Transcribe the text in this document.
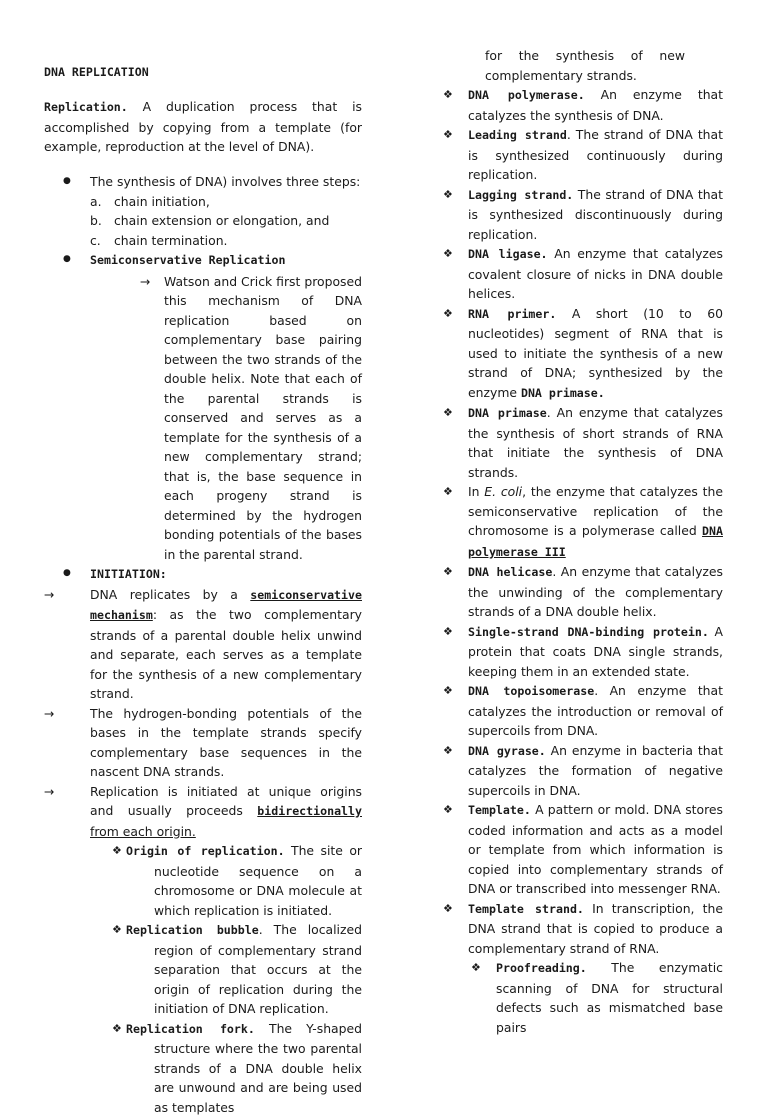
DNA REPLICATION

Replication. A duplication process that is accomplished by copying from a template (for example, reproduction at the level of DNA).

● The synthesis of DNA) involves three steps:
a. chain initiation,
b. chain extension or elongation, and
c. chain termination.
● Semiconservative Replication
→ Watson and Crick first proposed this mechanism of DNA replication based on complementary base pairing between the two strands of the double helix. Note that each of the parental strands is conserved and serves as a template for the synthesis of a new complementary strand; that is, the base sequence in each progeny strand is determined by the hydrogen bonding potentials of the bases in the parental strand.
● INITIATION:
→	DNA replicates by a semiconservative mechanism: as the two complementary strands of a parental double helix unwind and separate, each serves as a template for the synthesis of a new complementary strand.
→	The hydrogen-bonding potentials of the bases in the template strands specify complementary base sequences in the nascent DNA strands.
→	Replication is initiated at unique origins and usually proceeds bidirectionally from each origin.
❖ Origin of replication. The site or nucleotide sequence on a chromosome or DNA molecule at which replication is initiated.
❖ Replication bubble. The localized region of complementary strand separation that occurs at the origin of replication during the initiation of DNA replication.
❖ Replication fork. The Y-shaped structure where the two parental strands of a DNA double helix are unwound and are being used as templates
for the synthesis of new complementary strands.
❖ DNA polymerase. An enzyme that catalyzes the synthesis of DNA.
❖ Leading strand. The strand of DNA that is synthesized continuously during replication.
❖ Lagging strand. The strand of DNA that is synthesized discontinuously during replication.
❖ DNA ligase. An enzyme that catalyzes covalent closure of nicks in DNA double helices.
❖ RNA primer. A short (10 to 60 nucleotides) segment of RNA that is used to initiate the synthesis of a new strand of DNA; synthesized by the enzyme DNA primase.
❖ DNA primase. An enzyme that catalyzes the synthesis of short strands of RNA that initiate the synthesis of DNA strands.
❖ In E. coli, the enzyme that catalyzes the semiconservative replication of the chromosome is a polymerase called DNA polymerase III
❖ DNA helicase. An enzyme that catalyzes the unwinding of the complementary strands of a DNA double helix.
❖ Single-strand DNA-binding protein. A protein that coats DNA single strands, keeping them in an extended state.
❖ DNA topoisomerase. An enzyme that catalyzes the introduction or removal of supercoils from DNA.
❖ DNA gyrase. An enzyme in bacteria that catalyzes the formation of negative supercoils in DNA.
❖ Template. A pattern or mold. DNA stores coded information and acts as a model or template from which information is copied into complementary strands of DNA or transcribed into messenger RNA.
❖ Template strand. In transcription, the DNA strand that is copied to produce a complementary strand of RNA.
❖ Proofreading. The enzymatic scanning of DNA for structural defects such as mismatched base pairs
